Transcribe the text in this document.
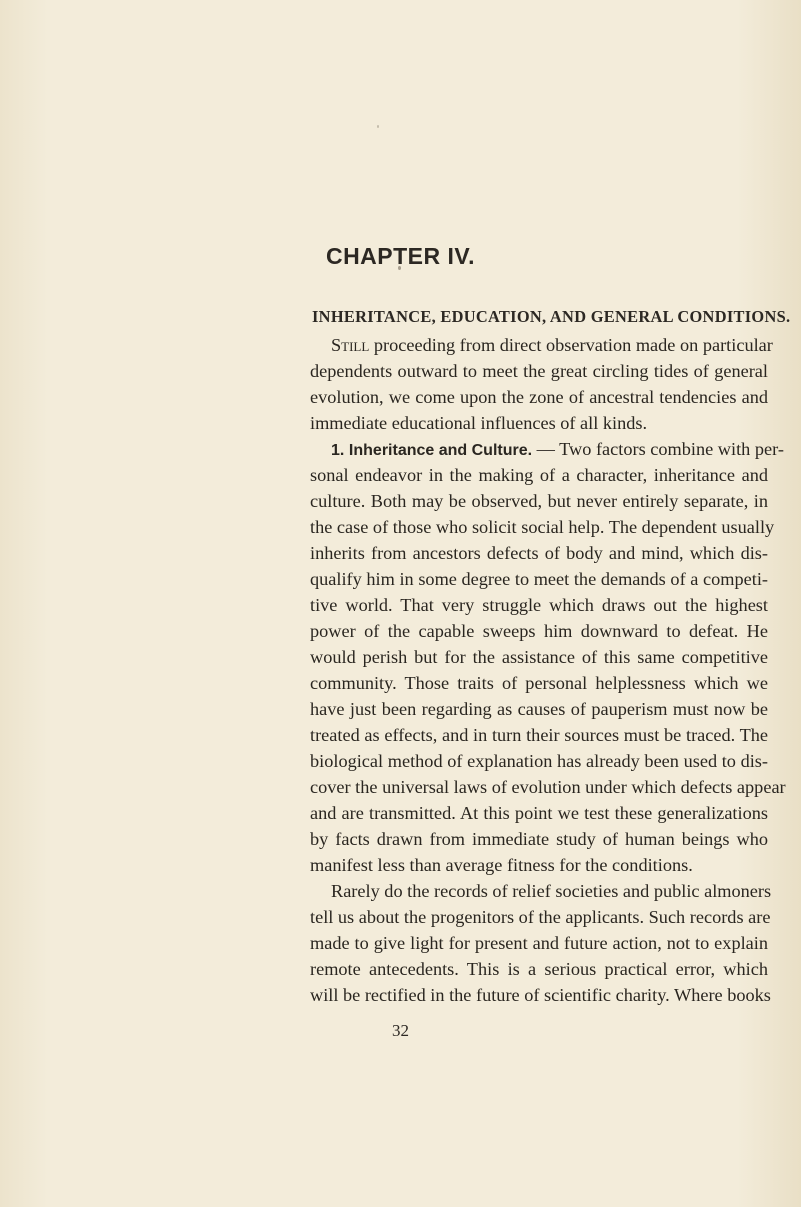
CHAPTER IV.
INHERITANCE, EDUCATION, AND GENERAL CONDITIONS.
Still proceeding from direct observation made on particular
dependents outward to meet the great circling tides of general
evolution, we come upon the zone of ancestral tendencies and
immediate educational influences of all kinds.
1. Inheritance and Culture. — Two factors combine with per-
sonal endeavor in the making of a character, inheritance and
culture. Both may be observed, but never entirely separate, in
the case of those who solicit social help. The dependent usually
inherits from ancestors defects of body and mind, which dis-
qualify him in some degree to meet the demands of a competi-
tive world. That very struggle which draws out the highest
power of the capable sweeps him downward to defeat. He
would perish but for the assistance of this same competitive
community. Those traits of personal helplessness which we
have just been regarding as causes of pauperism must now be
treated as effects, and in turn their sources must be traced. The
biological method of explanation has already been used to dis-
cover the universal laws of evolution under which defects appear
and are transmitted. At this point we test these generalizations
by facts drawn from immediate study of human beings who
manifest less than average fitness for the conditions.
Rarely do the records of relief societies and public almoners
tell us about the progenitors of the applicants. Such records are
made to give light for present and future action, not to explain
remote antecedents. This is a serious practical error, which
will be rectified in the future of scientific charity. Where books
32
